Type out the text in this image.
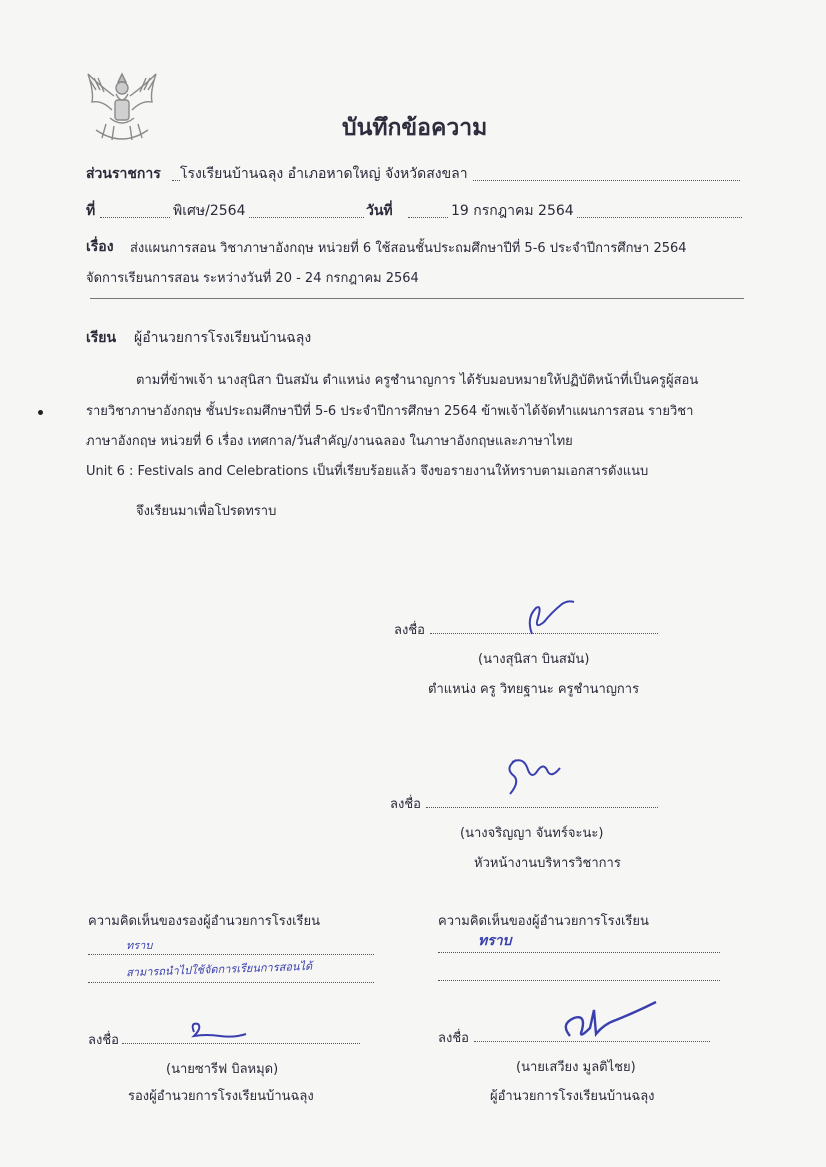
บันทึกข้อความ
ส่วนราชการ โรงเรียนบ้านฉลุง อำเภอหาดใหญ่ จังหวัดสงขลา
ที่	พิเศษ/2564	วันที่	19 กรกฎาคม 2564
เรื่อง ส่งแผนการสอน วิชาภาษาอังกฤษ หน่วยที่ 6 ใช้สอนชั้นประถมศึกษาปีที่ 5-6 ประจำปีการศึกษา 2564
จัดการเรียนการสอน ระหว่างวันที่ 20 - 24 กรกฎาคม 2564
เรียน ผู้อำนวยการโรงเรียนบ้านฉลุง
ตามที่ข้าพเจ้า นางสุนิสา บินสมัน ตำแหน่ง ครูชำนาญการ ได้รับมอบหมายให้ปฏิบัติหน้าที่เป็นครูผู้สอน
รายวิชาภาษาอังกฤษ ชั้นประถมศึกษาปีที่ 5-6 ประจำปีการศึกษา 2564 ข้าพเจ้าได้จัดทำแผนการสอน รายวิชา
ภาษาอังกฤษ หน่วยที่ 6 เรื่อง เทศกาล/วันสำคัญ/งานฉลอง ในภาษาอังกฤษและภาษาไทย
Unit 6 : Festivals and Celebrations เป็นที่เรียบร้อยแล้ว จึงขอรายงานให้ทราบตามเอกสารดังแนบ
จึงเรียนมาเพื่อโปรดทราบ
ลงชื่อ
(นางสุนิสา บินสมัน)
ตำแหน่ง ครู วิทยฐานะ ครูชำนาญการ
ลงชื่อ
(นางจริญญา จันทร์จะนะ)
หัวหน้างานบริหารวิชาการ
ความคิดเห็นของรองผู้อำนวยการโรงเรียน
ทราบ
สามารถนำไปใช้จัดการเรียนการสอนได้
ลงชื่อ
(นายซารีฟ บิลหมุด)
รองผู้อำนวยการโรงเรียนบ้านฉลุง
ความคิดเห็นของผู้อำนวยการโรงเรียน
ทราบ
ลงชื่อ
(นายเสวียง มูลติไชย)
ผู้อำนวยการโรงเรียนบ้านฉลุง
